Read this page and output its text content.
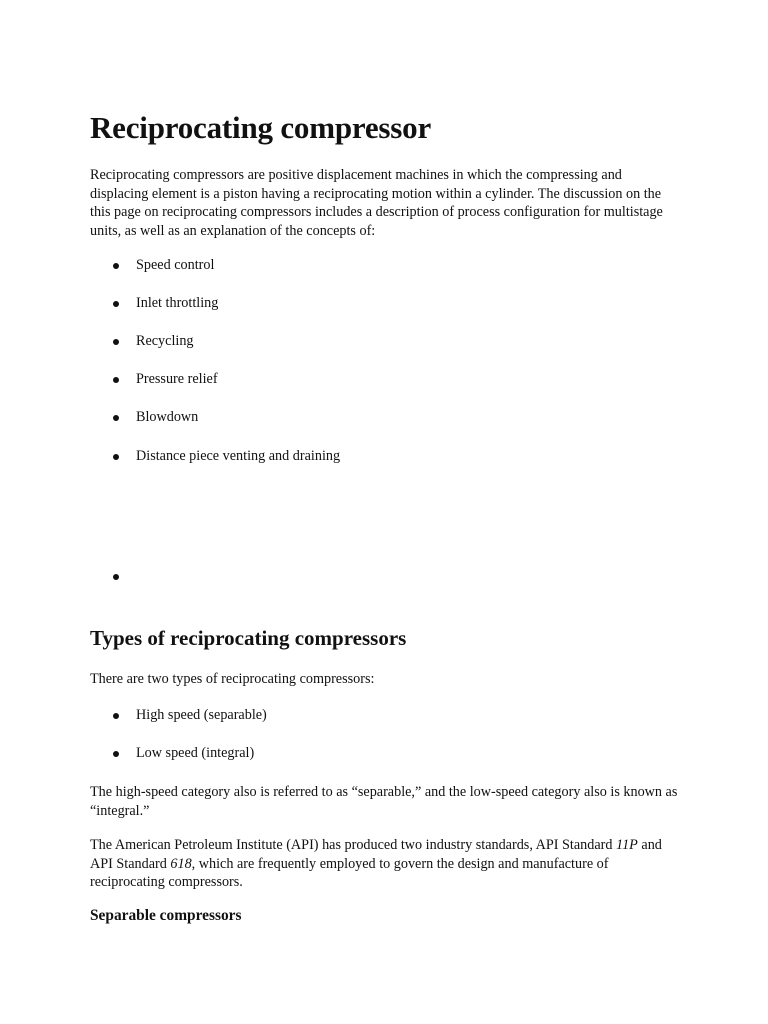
Reciprocating compressor

Reciprocating compressors are positive displacement machines in which the compressing and displacing element is a piston having a reciprocating motion within a cylinder. The discussion on the this page on reciprocating compressors includes a description of process configuration for multistage units, as well as an explanation of the concepts of:

Speed control
Inlet throttling
Recycling
Pressure relief
Blowdown
Distance piece venting and draining
Types of reciprocating compressors

There are two types of reciprocating compressors:

High speed (separable)
Low speed (integral)

The high-speed category also is referred to as “separable,” and the low-speed category also is known as “integral.”

The American Petroleum Institute (API) has produced two industry standards, API Standard 11P and API Standard 618, which are frequently employed to govern the design and manufacture of reciprocating compressors.

Separable compressors
